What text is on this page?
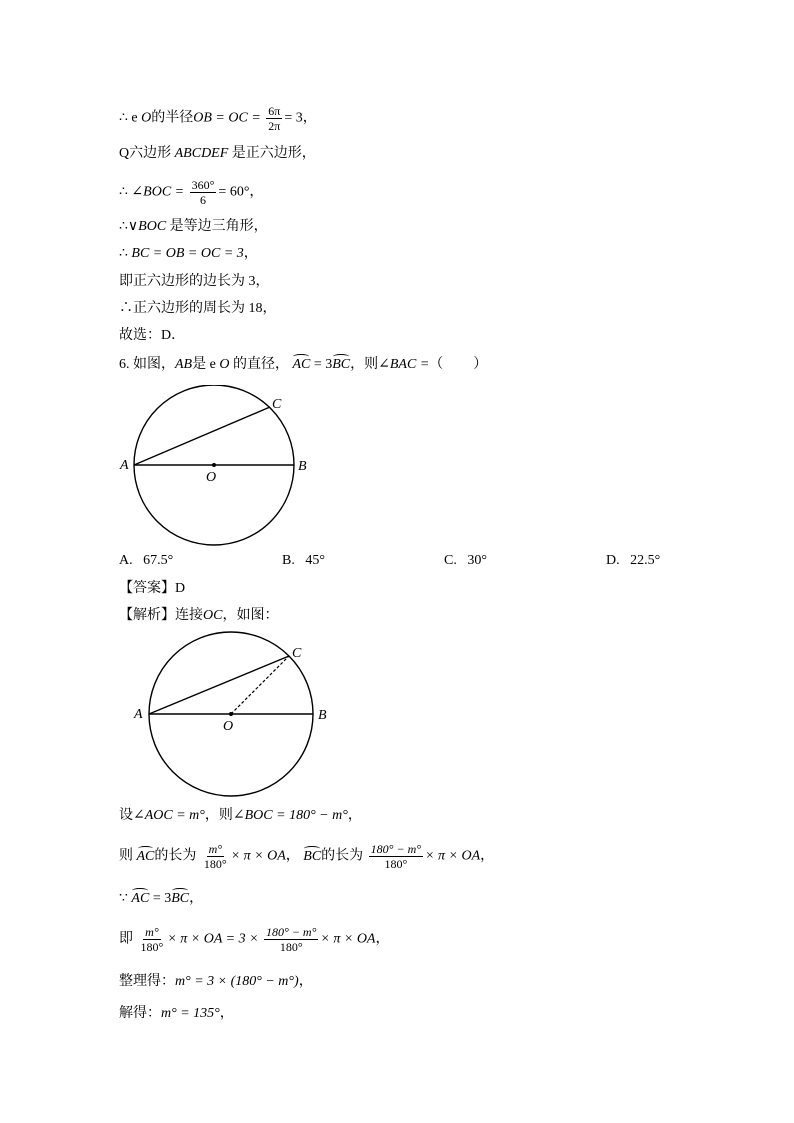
∴ e O的半径OB = OC = $\frac{6\pi}{2\pi} = 3$，
Q六边形 ABCDEF 是正六边形，
∴ ∠BOC = $\frac{360^\circ}{6} = 60^\circ$，
∴∨BOC 是等边三角形，
∴ BC = OB = OC = 3，
即正六边形的边长为 3，
∴正六边形的周长为 18，
故选：D．
6. 如图，AB是 e O 的直径， AC = 3BC，则∠BAC =（ ）
A	B
C
O
A. 67.5°	B. 45°	C. 30°	D. 22.5°
【答案】D
【解析】连接OC，如图：
A	B
C
O
设∠AOC = m°，则∠BOC = 180° − m°，
则 AC的长为 $\frac{m^\circ}{180^\circ} \times \pi$ × OA， BC的长为 $\frac{180^\circ - m^\circ}{180^\circ} \times \pi$ × OA，
∵ AC = 3BC，
即 $\frac{m^\circ}{180^\circ} \times \pi$ × OA = $3 \times \frac{180^\circ - m^\circ}{180^\circ} \times \pi$ × OA，
整理得：m° = 3 × (180° − m°)，
解得：m° = 135°，
